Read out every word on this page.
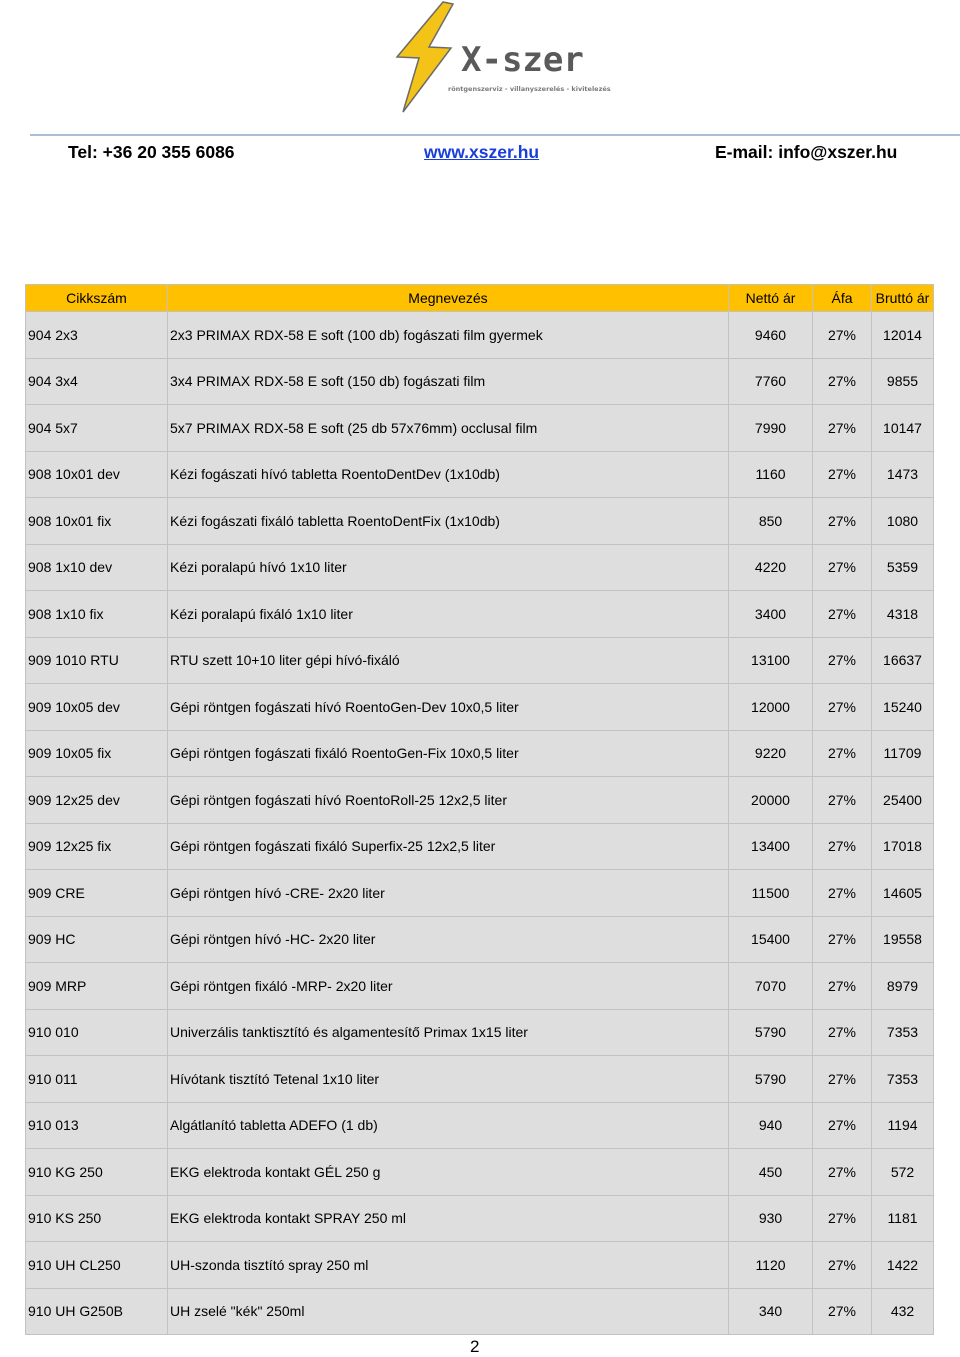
X-szer
röntgenszerviz - villanyszerelés - kivitelezés
Tel: +36 20 355 6086	www.xszer.hu	E-mail: info@xszer.hu
Cikkszám	Megnevezés	Nettó ár	Áfa	Bruttó ár
904 2x3	2x3 PRIMAX RDX-58 E soft (100 db) fogászati film gyermek	9460	27%	12014
904 3x4	3x4 PRIMAX RDX-58 E soft (150 db) fogászati film	7760	27%	9855
904 5x7	5x7 PRIMAX RDX-58 E soft (25 db 57x76mm) occlusal film	7990	27%	10147
908 10x01 dev	Kézi fogászati hívó tabletta RoentoDentDev (1x10db)	1160	27%	1473
908 10x01 fix	Kézi fogászati fixáló tabletta RoentoDentFix (1x10db)	850	27%	1080
908 1x10 dev	Kézi poralapú hívó 1x10 liter	4220	27%	5359
908 1x10 fix	Kézi poralapú fixáló 1x10 liter	3400	27%	4318
909 1010 RTU	RTU szett 10+10 liter gépi hívó-fixáló	13100	27%	16637
909 10x05 dev	Gépi röntgen fogászati hívó RoentoGen-Dev 10x0,5 liter	12000	27%	15240
909 10x05 fix	Gépi röntgen fogászati fixáló RoentoGen-Fix 10x0,5 liter	9220	27%	11709
909 12x25 dev	Gépi röntgen fogászati hívó RoentoRoll-25 12x2,5 liter	20000	27%	25400
909 12x25 fix	Gépi röntgen fogászati fixáló Superfix-25 12x2,5 liter	13400	27%	17018
909 CRE	Gépi röntgen hívó -CRE- 2x20 liter	11500	27%	14605
909 HC	Gépi röntgen hívó -HC- 2x20 liter	15400	27%	19558
909 MRP	Gépi röntgen fixáló -MRP- 2x20 liter	7070	27%	8979
910 010	Univerzális tanktisztító és algamentesítő Primax 1x15 liter	5790	27%	7353
910 011	Hívótank tisztító Tetenal 1x10 liter	5790	27%	7353
910 013	Algátlanító tabletta ADEFO (1 db)	940	27%	1194
910 KG 250	EKG elektroda kontakt GÉL 250 g	450	27%	572
910 KS 250	EKG elektroda kontakt SPRAY 250 ml	930	27%	1181
910 UH CL250	UH-szonda tisztító spray 250 ml	1120	27%	1422
910 UH G250B	UH zselé "kék" 250ml	340	27%	432
2
